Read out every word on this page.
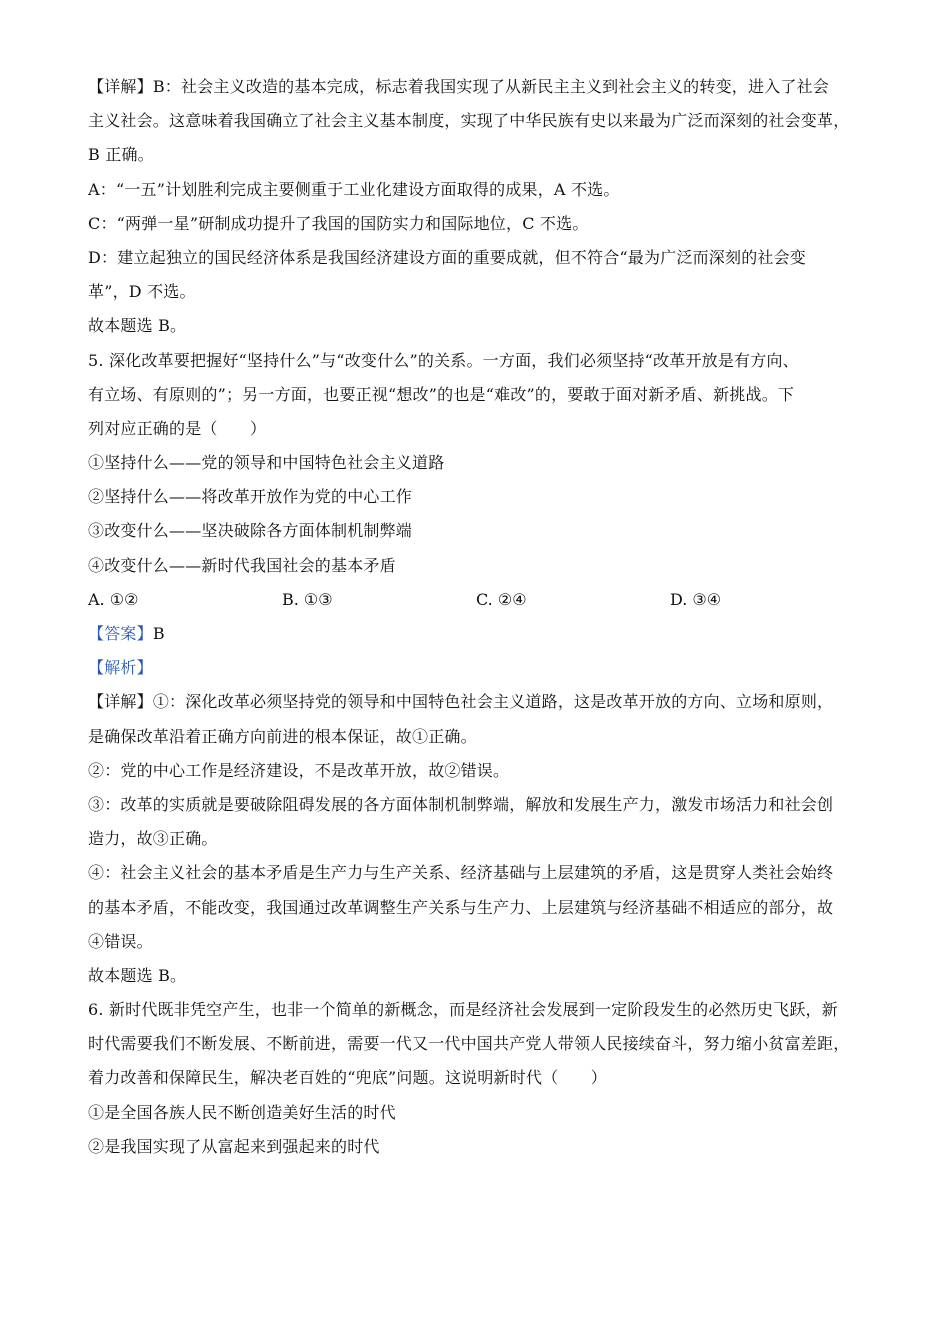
【详解】B：社会主义改造的基本完成，标志着我国实现了从新民主主义到社会主义的转变，进入了社会
主义社会。这意味着我国确立了社会主义基本制度，实现了中华民族有史以来最为广泛而深刻的社会变革，
B 正确。
A：“一五”计划胜利完成主要侧重于工业化建设方面取得的成果，A 不选。
C：“两弹一星”研制成功提升了我国的国防实力和国际地位，C 不选。
D：建立起独立的国民经济体系是我国经济建设方面的重要成就，但不符合“最为广泛而深刻的社会变
革”，D 不选。
故本题选 B。
5. 深化改革要把握好“坚持什么”与“改变什么”的关系。一方面，我们必须坚持“改革开放是有方向、
有立场、有原则的”；另一方面，也要正视“想改”的也是“难改”的，要敢于面对新矛盾、新挑战。下
列对应正确的是（　　）
①坚持什么——党的领导和中国特色社会主义道路
②坚持什么——将改革开放作为党的中心工作
③改变什么——坚决破除各方面体制机制弊端
④改变什么——新时代我国社会的基本矛盾
A. ①②	B. ①③	C. ②④	D. ③④
【答案】B
【解析】
【详解】①：深化改革必须坚持党的领导和中国特色社会主义道路，这是改革开放的方向、立场和原则，
是确保改革沿着正确方向前进的根本保证，故①正确。
②：党的中心工作是经济建设，不是改革开放，故②错误。
③：改革的实质就是要破除阻碍发展的各方面体制机制弊端，解放和发展生产力，激发市场活力和社会创
造力，故③正确。
④：社会主义社会的基本矛盾是生产力与生产关系、经济基础与上层建筑的矛盾，这是贯穿人类社会始终
的基本矛盾，不能改变，我国通过改革调整生产关系与生产力、上层建筑与经济基础不相适应的部分，故
④错误。
故本题选 B。
6. 新时代既非凭空产生，也非一个简单的新概念，而是经济社会发展到一定阶段发生的必然历史飞跃，新
时代需要我们不断发展、不断前进，需要一代又一代中国共产党人带领人民接续奋斗，努力缩小贫富差距，
着力改善和保障民生，解决老百姓的“兜底”问题。这说明新时代（　　）
①是全国各族人民不断创造美好生活的时代
②是我国实现了从富起来到强起来的时代
